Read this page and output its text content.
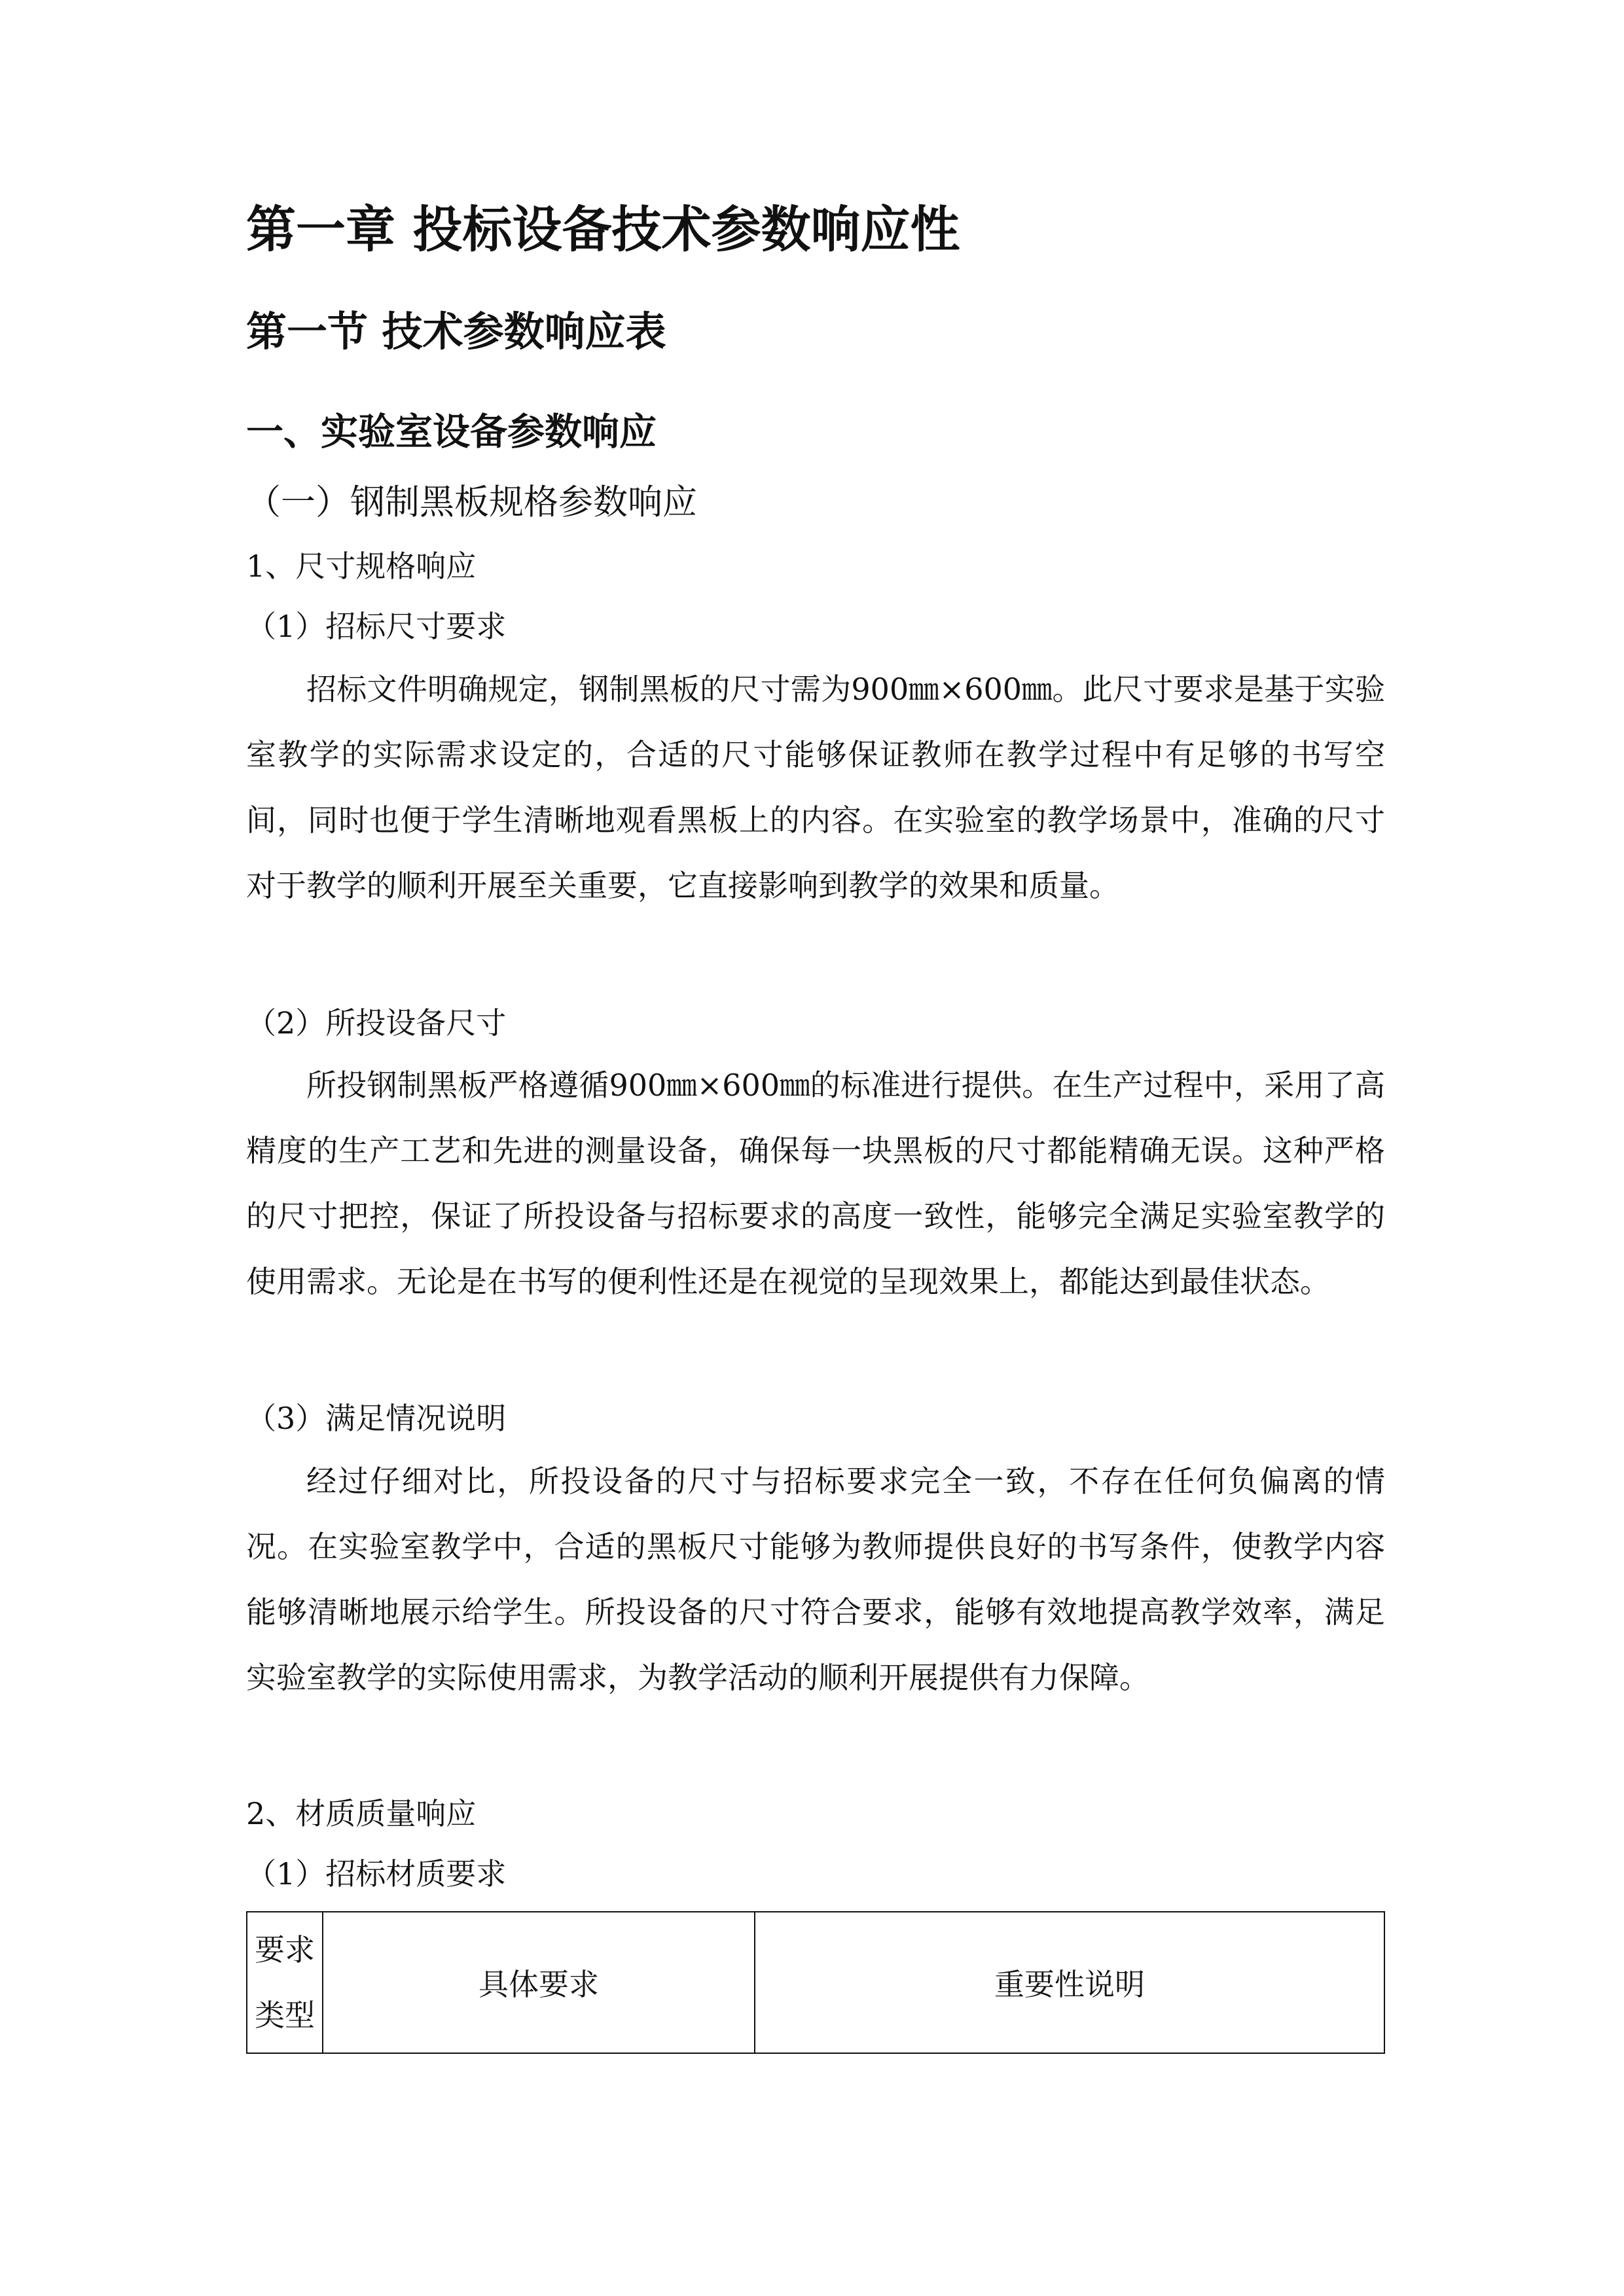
第一章 投标设备技术参数响应性
第一节 技术参数响应表
一、实验室设备参数响应
（一）钢制黑板规格参数响应
1、尺寸规格响应
（1）招标尺寸要求

招标文件明确规定，钢制黑板的尺寸需为900㎜×600㎜。此尺寸要求是基于实验室教学的实际需求设定的，合适的尺寸能够保证教师在教学过程中有足够的书写空间，同时也便于学生清晰地观看黑板上的内容。在实验室的教学场景中，准确的尺寸对于教学的顺利开展至关重要，它直接影响到教学的效果和质量。

（2）所投设备尺寸

所投钢制黑板严格遵循900㎜×600㎜的标准进行提供。在生产过程中，采用了高精度的生产工艺和先进的测量设备，确保每一块黑板的尺寸都能精确无误。这种严格的尺寸把控，保证了所投设备与招标要求的高度一致性，能够完全满足实验室教学的使用需求。无论是在书写的便利性还是在视觉的呈现效果上，都能达到最佳状态。

（3）满足情况说明

经过仔细对比，所投设备的尺寸与招标要求完全一致，不存在任何负偏离的情况。在实验室教学中，合适的黑板尺寸能够为教师提供良好的书写条件，使教学内容能够清晰地展示给学生。所投设备的尺寸符合要求，能够有效地提高教学效率，满足实验室教学的实际使用需求，为教学活动的顺利开展提供有力保障。

2、材质质量响应
（1）招标材质要求
要求
类型
	具体要求	重要性说明
